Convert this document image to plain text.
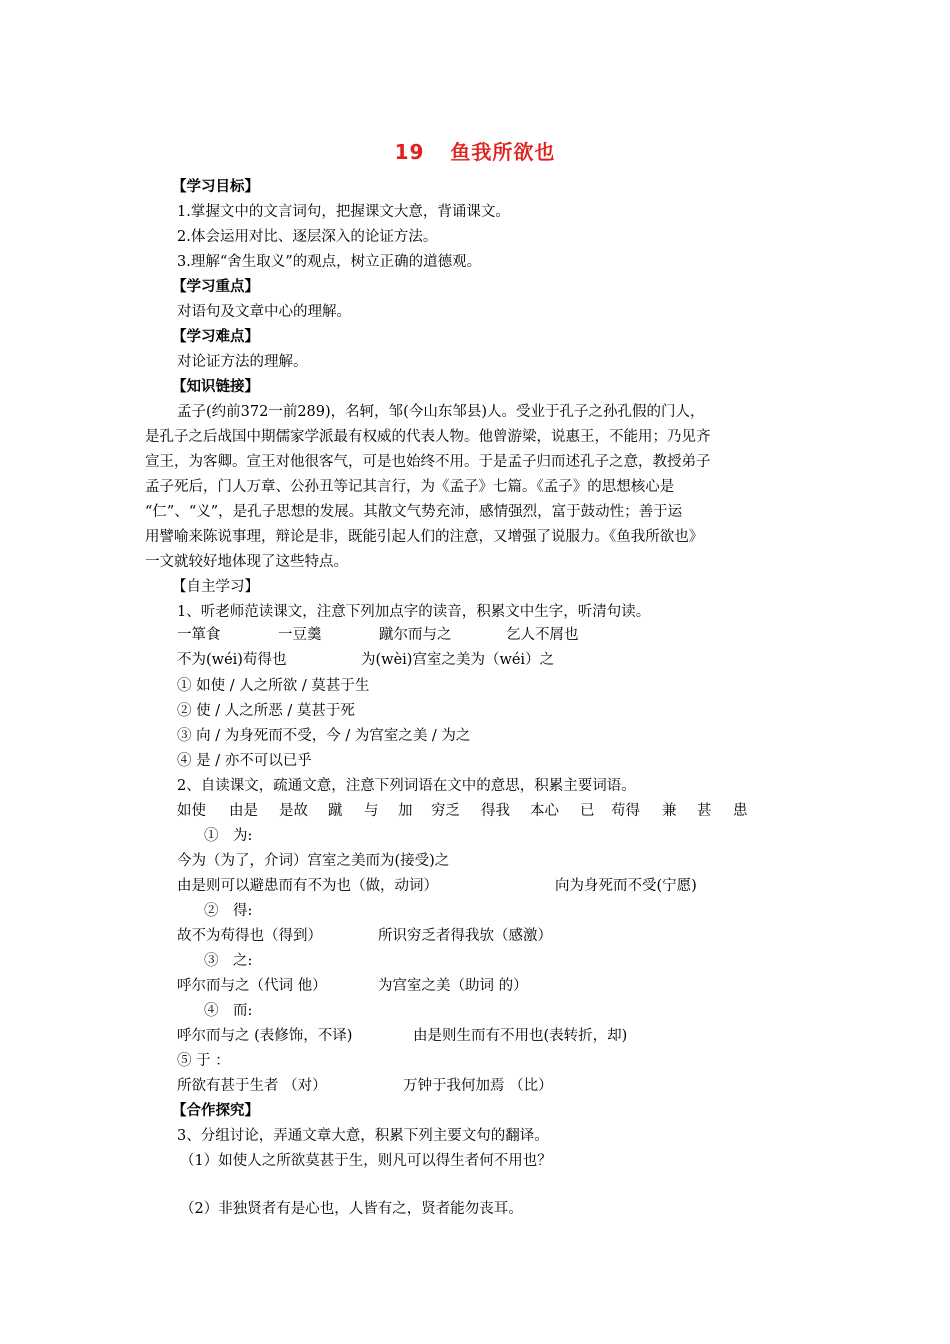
19 鱼我所欲也
【学习目标】
1.掌握文中的文言词句，把握课文大意，背诵课文。
2.体会运用对比、逐层深入的论证方法。
3.理解“舍生取义”的观点，树立正确的道德观。
【学习重点】
对语句及文章中心的理解。
【学习难点】
对论证方法的理解。
【知识链接】
孟子(约前372一前289)，名轲，邹(今山东邹县)人。受业于孔子之孙孔假的门人，
是孔子之后战国中期儒家学派最有权威的代表人物。他曾游梁，说惠王，不能用；乃见齐
宣王，为客卿。宣王对他很客气，可是也始终不用。于是孟子归而述孔子之意，教授弟子
孟子死后，门人万章、公孙丑等记其言行，为《孟子》七篇。《孟子》的思想核心是
“仁”、“义”，是孔子思想的发展。其散文气势充沛，感情强烈，富于鼓动性；善于运
用譬喻来陈说事理，辩论是非，既能引起人们的注意，又增强了说服力。《鱼我所欲也》
一文就较好地体现了这些特点。
【自主学习】
1、听老师范读课文，注意下列加点字的读音，积累文中生字，听清句读。
一箪食	一豆羹	蹴尔而与之	乞人不屑也
不为(wéi)苟得也	为(wèi)宫室之美为（wéi）之
① 如使 / 人之所欲 / 莫甚于生
② 使 / 人之所恶 / 莫甚于死
③ 向 / 为身死而不受，今 / 为宫室之美 / 为之
④ 是 / 亦不可以已乎
2、自读课文，疏通文意，注意下列词语在文中的意思，积累主要词语。
如使 由是 是故 蹴 与 加 穷乏 得我 本心 已 苟得 兼 甚 患
①　为:
今为（为了，介词）宫室之美而为(接受)之
由是则可以避患而有不为也（做，动词）	向为身死而不受(宁愿)
②　得:
故不为苟得也（得到）	所识穷乏者得我欤（感激）
③　之:
呼尔而与之（代词 他）	为宫室之美（助词 的）
④　而:
呼尔而与之 (表修饰，不译)	由是则生而有不用也(表转折，却)
⑤ 于 ：
所欲有甚于生者 （对）	万钟于我何加焉 （比）
【合作探究】
3、分组讨论，弄通文章大意，积累下列主要文句的翻译。
（1）如使人之所欲莫甚于生，则凡可以得生者何不用也？
（2）非独贤者有是心也，人皆有之，贤者能勿丧耳。
